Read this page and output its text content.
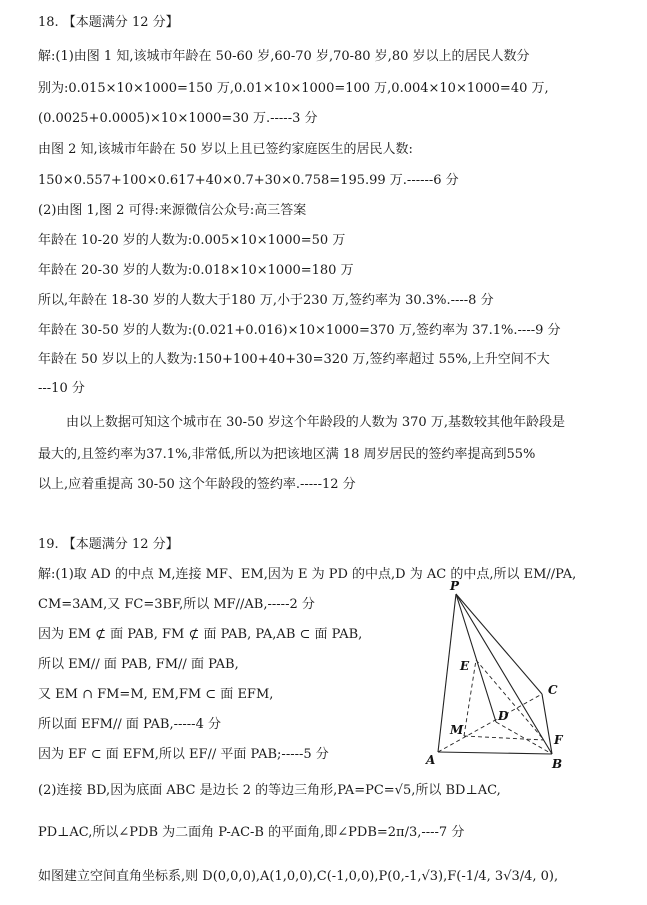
18. 【本题满分 12 分】
解:(1)由图 1 知,该城市年龄在 50-60 岁,60-70 岁,70-80 岁,80 岁以上的居民人数分
别为:0.015×10×1000=150 万,0.01×10×1000=100 万,0.004×10×1000=40 万,
(0.0025+0.0005)×10×1000=30 万.-----3 分
由图 2 知,该城市年龄在 50 岁以上且已签约家庭医生的居民人数:
150×0.557+100×0.617+40×0.7+30×0.758=195.99 万.------6 分
(2)由图 1,图 2 可得:来源微信公众号:高三答案
年龄在 10-20 岁的人数为:0.005×10×1000=50 万
年龄在 20-30 岁的人数为:0.018×10×1000=180 万
所以,年龄在 18-30 岁的人数大于180 万,小于230 万,签约率为 30.3%.----8 分
年龄在 30-50 岁的人数为:(0.021+0.016)×10×1000=370 万,签约率为 37.1%.----9 分
年龄在 50 岁以上的人数为:150+100+40+30=320 万,签约率超过 55%,上升空间不大
---10 分
由以上数据可知这个城市在 30-50 岁这个年龄段的人数为 370 万,基数较其他年龄段是
最大的,且签约率为37.1%,非常低,所以为把该地区满 18 周岁居民的签约率提高到55%
以上,应着重提高 30-50 这个年龄段的签约率.-----12 分
19. 【本题满分 12 分】
解:(1)取 AD 的中点 M,连接 MF、EM,因为 E 为 PD 的中点,D 为 AC 的中点,所以 EM//PA,
CM=3AM,又 FC=3BF,所以 MF//AB,-----2 分
因为 EM ⊄ 面 PAB, FM ⊄ 面 PAB, PA,AB ⊂ 面 PAB,
所以 EM// 面 PAB, FM// 面 PAB,
又 EM ∩ FM=M, EM,FM ⊂ 面 EFM,
所以面 EFM// 面 PAB,-----4 分
因为 EF ⊂ 面 EFM,所以 EF// 平面 PAB;-----5 分
(2)连接 BD,因为底面 ABC 是边长 2 的等边三角形,PA=PC=√5,所以 BD⊥AC,
PD⊥AC,所以∠PDB 为二面角 P-AC-B 的平面角,即∠PDB=2π/3,----7 分
如图建立空间直角坐标系,则 D(0,0,0),A(1,0,0),C(-1,0,0),P(0,-1,√3),F(-1/4, 3√3/4, 0),
P
E
C
D
M
F
A	B
